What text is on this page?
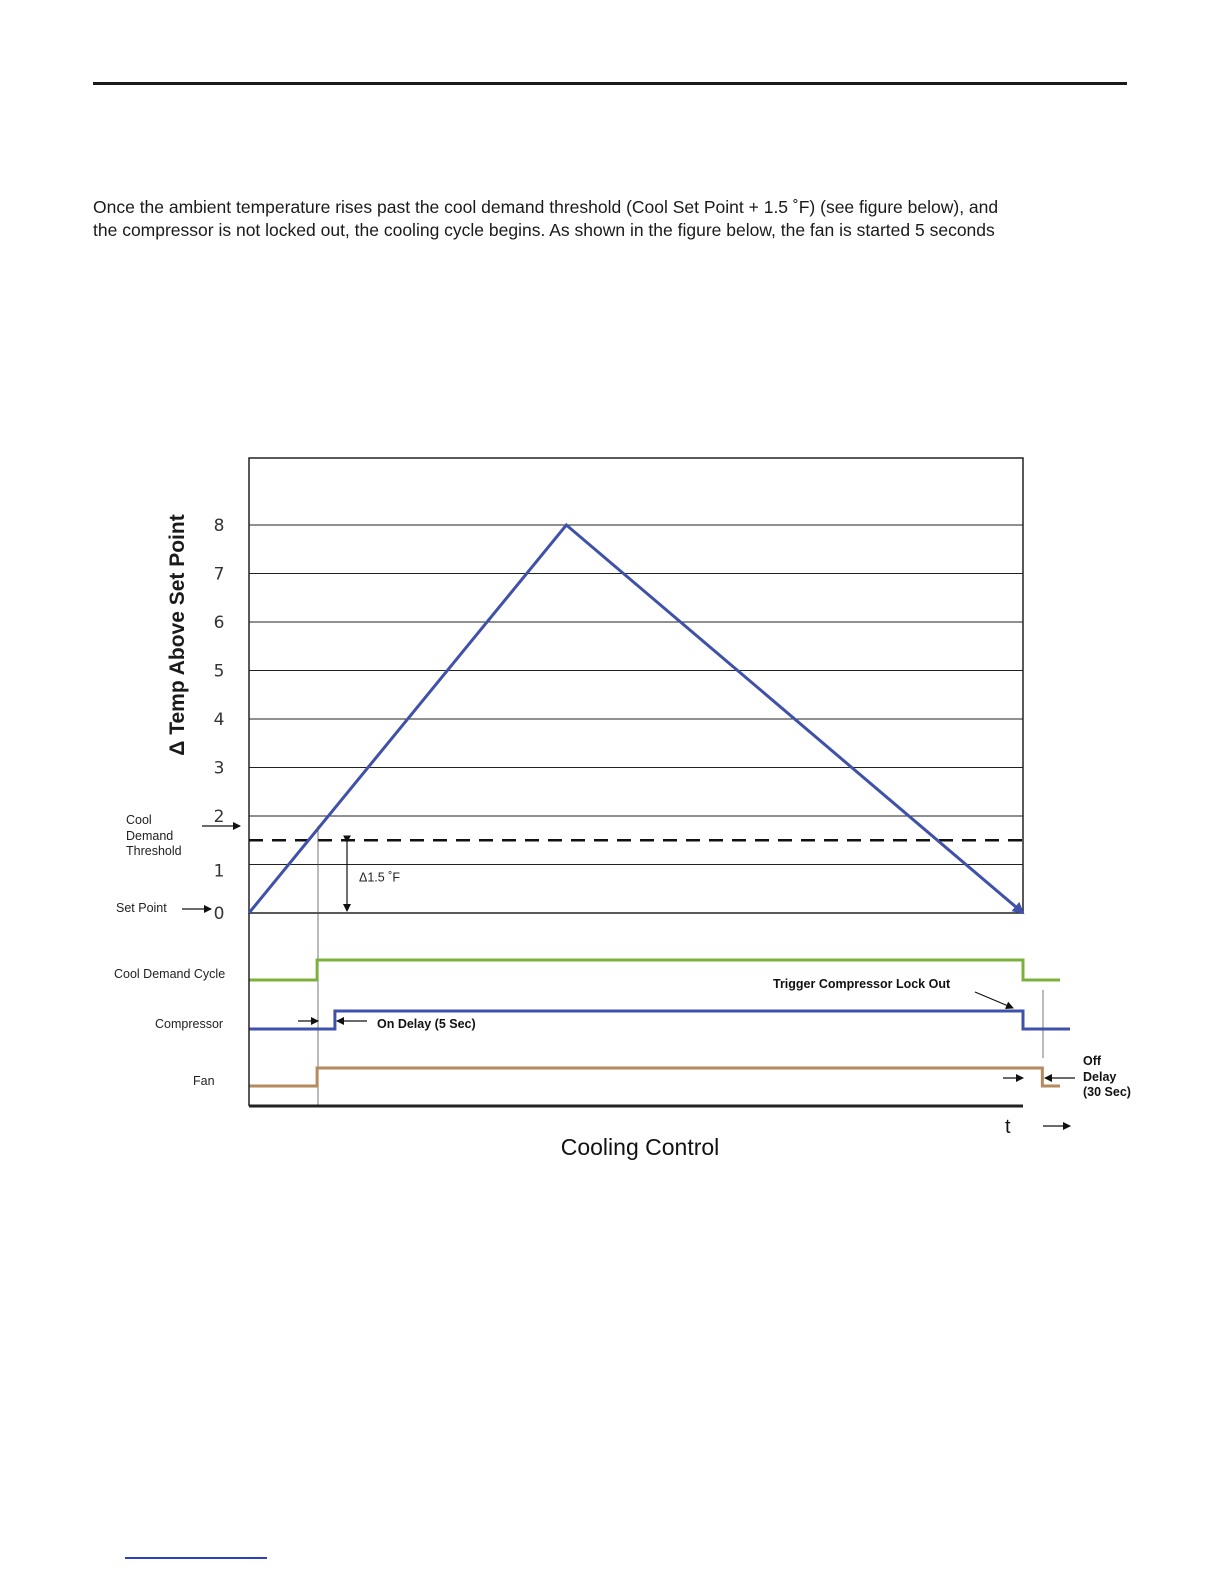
Once the ambient temperature rises past the cool demand threshold (Cool Set Point + 1.5 ˚F) (see figure below), and

the compressor is not locked out, the cooling cycle begins. As shown in the figure below, the fan is started 5 seconds

0
1
2
3
4
5
6
7
8
Δ Temp Above Set Point
Δ1.5 ˚F
Cool
Demand
Threshold
Set Point
Cool Demand Cycle
Compressor
Fan
On Delay (5 Sec)
Trigger Compressor Lock Out
Off
Delay
(30 Sec)
t
Cooling Control
